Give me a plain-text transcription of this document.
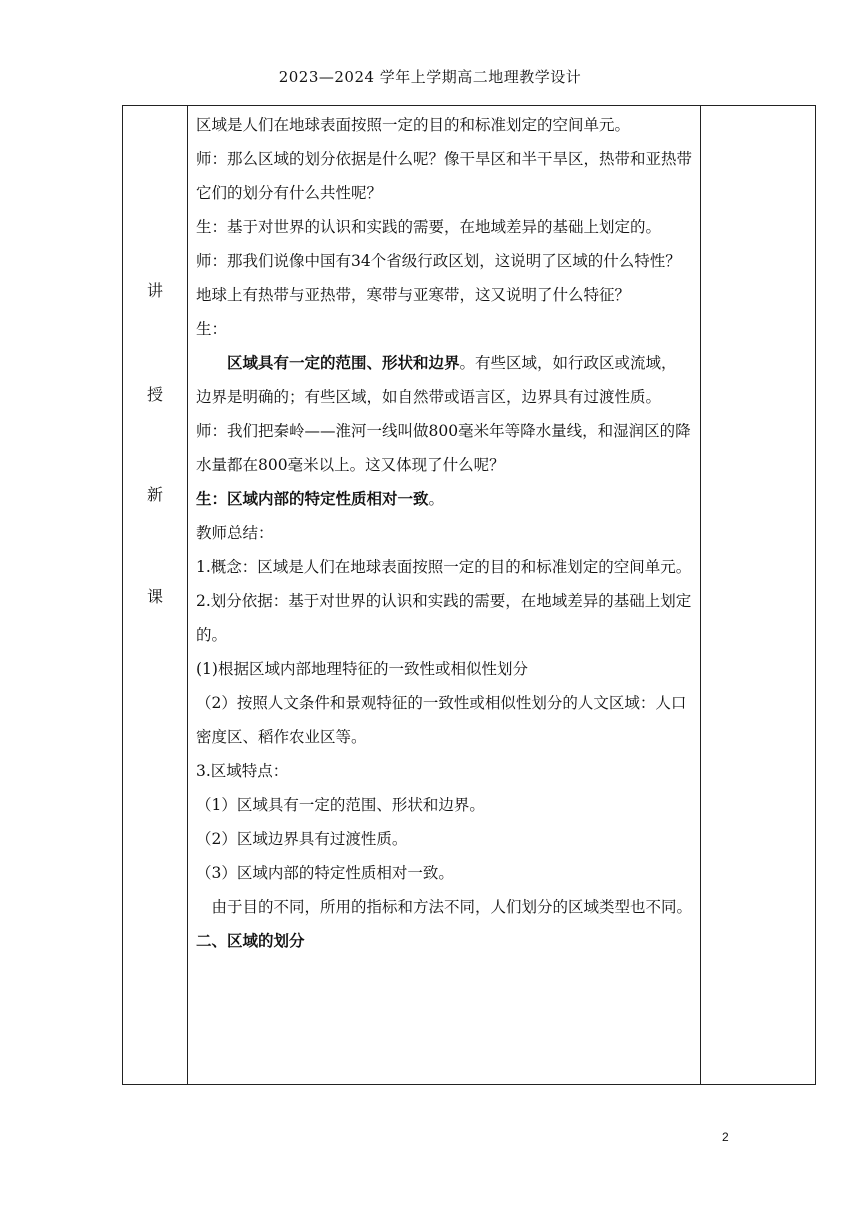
2023—2024 学年上学期高二地理教学设计
讲
授
新
课

区域是人们在地球表面按照一定的目的和标准划定的空间单元。

师：那么区域的划分依据是什么呢？像干旱区和半干旱区，热带和亚热带它们的划分有什么共性呢？

生：基于对世界的认识和实践的需要，在地域差异的基础上划定的。

师：那我们说像中国有34个省级行政区划，这说明了区域的什么特性？地球上有热带与亚热带，寒带与亚寒带，这又说明了什么特征？

生：

区域具有一定的范围、形状和边界。有些区域，如行政区或流域，边界是明确的；有些区域，如自然带或语言区，边界具有过渡性质。

师：我们把秦岭——淮河一线叫做800毫米年等降水量线，和湿润区的降水量都在800毫米以上。这又体现了什么呢？

生：区域内部的特定性质相对一致。

教师总结：

1.概念：区域是人们在地球表面按照一定的目的和标准划定的空间单元。

2.划分依据：基于对世界的认识和实践的需要，在地域差异的基础上划定的。

(1)根据区域内部地理特征的一致性或相似性划分

（2）按照人文条件和景观特征的一致性或相似性划分的人文区域：人口密度区、稻作农业区等。

3.区域特点：

（1）区域具有一定的范围、形状和边界。

（2）区域边界具有过渡性质。

（3）区域内部的特定性质相对一致。

由于目的不同，所用的指标和方法不同，人们划分的区域类型也不同。

二、区域的划分

2
